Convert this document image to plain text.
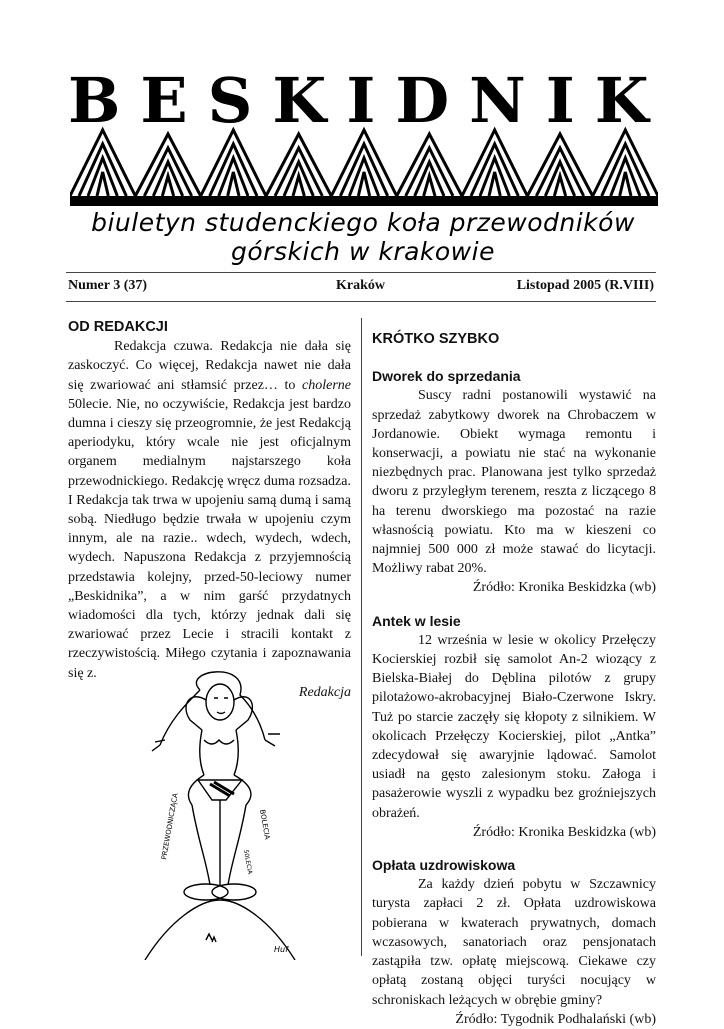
BESKIDNIK
biuletyn studenckiego koła przewodników górskich w krakowie
Numer 3 (37)	Kraków	Listopad 2005 (R.VIII)
OD REDAKCJI

Redakcja czuwa. Redakcja nie dała się zaskoczyć. Co więcej, Redakcja nawet nie dała się zwariować ani stłamsić przez… to cholerne 50lecie. Nie, no oczywiście, Redakcja jest bardzo dumna i cieszy się przeogromnie, że jest Redakcją aperiodyku, który wcale nie jest oficjalnym organem medialnym najstarszego koła przewodnickiego. Redakcję wręcz duma rozsadza. I Redakcja tak trwa w upojeniu samą dumą i samą sobą. Niedługo będzie trwała w upojeniu czym innym, ale na razie.. wdech, wydech, wdech, wydech. Napuszona Redakcja z przyjemnością przedstawia kolejny, przed-50-leciowy numer „Beskidnika”, a w nim garść przydatnych wiadomości dla tych, którzy jednak dali się zwariować przez Lecie i stracili kontakt z rzeczywistością. Miłego czytania i zapoznawania się z.

Redakcja

PRZEWODNICZĄCA	BOLECIA
50LECIA
Huf
KRÓTKO SZYBKO
Dworek do sprzedania

Suscy radni postanowili wystawić na sprzedaż zabytkowy dworek na Chrobaczem w Jordanowie. Obiekt wymaga remontu i konserwacji, a powiatu nie stać na wykonanie niezbędnych prac. Planowana jest tylko sprzedaż dworu z przyległym terenem, reszta z liczącego 8 ha terenu dworskiego ma pozostać na razie własnością powiatu. Kto ma w kieszeni co najmniej 500 000 zł może stawać do licytacji. Możliwy rabat 20%.

Źródło: Kronika Beskidzka (wb)

Antek w lesie

12 września w lesie w okolicy Przełęczy Kocierskiej rozbił się samolot An-2 wiozący z Bielska-Białej do Dęblina pilotów z grupy pilotażowo-akrobacyjnej Biało-Czerwone Iskry. Tuż po starcie zaczęły się kłopoty z silnikiem. W okolicach Przełęczy Kocierskiej, pilot „Antka” zdecydował się awaryjnie lądować. Samolot usiadł na gęsto zalesionym stoku. Załoga i pasażerowie wyszli z wypadku bez groźniejszych obrażeń.

Źródło: Kronika Beskidzka (wb)

Opłata uzdrowiskowa

Za każdy dzień pobytu w Szczawnicy turysta zapłaci 2 zł. Opłata uzdrowiskowa pobierana w kwaterach prywatnych, domach wczasowych, sanatoriach oraz pensjonatach zastąpiła tzw. opłatę miejscową. Ciekawe czy opłatą zostaną objęci turyści nocujący w schroniskach leżących w obrębie gminy?

Źródło: Tygodnik Podhalański (wb)
